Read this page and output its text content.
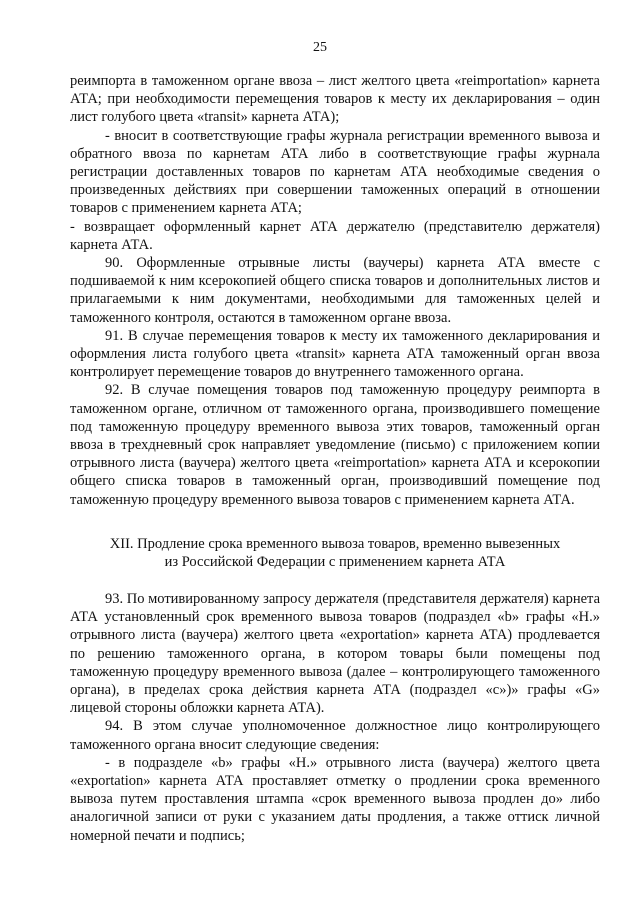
25

реимпорта в таможенном органе ввоза – лист желтого цвета «reimportation» карнета АТА; при необходимости перемещения товаров к месту их декларирования – один лист голубого цвета «transit» карнета АТА);

- вносит в соответствующие графы журнала регистрации временного вывоза и обратного ввоза по карнетам АТА либо в соответствующие графы журнала регистрации доставленных товаров по карнетам АТА необходимые сведения о произведенных действиях при совершении таможенных операций в отношении товаров с применением карнета АТА;

- возвращает оформленный карнет АТА держателю (представителю держателя) карнета АТА.

90. Оформленные отрывные листы (ваучеры) карнета АТА вместе с подшиваемой к ним ксерокопией общего списка товаров и дополнительных листов и прилагаемыми к ним документами, необходимыми для таможенных целей и таможенного контроля, остаются в таможенном органе ввоза.

91. В случае перемещения товаров к месту их таможенного декларирования и оформления листа голубого цвета «transit» карнета АТА таможенный орган ввоза контролирует перемещение товаров до внутреннего таможенного органа.

92. В случае помещения товаров под таможенную процедуру реимпорта в таможенном органе, отличном от таможенного органа, производившего помещение под таможенную процедуру временного вывоза этих товаров, таможенный орган ввоза в трехдневный срок направляет уведомление (письмо) с приложением копии отрывного листа (ваучера) желтого цвета «reimportation» карнета АТА и ксерокопии общего списка товаров в таможенный орган, производивший помещение под таможенную процедуру временного вывоза товаров с применением карнета АТА.

XII. Продление срока временного вывоза товаров, временно вывезенных

из Российской Федерации с применением карнета АТА

93. По мотивированному запросу держателя (представителя держателя) карнета АТА установленный срок временного вывоза товаров (подраздел «b» графы «H.» отрывного листа (ваучера) желтого цвета «exportation» карнета АТА) продлевается по решению таможенного органа, в котором товары были помещены под таможенную процедуру временного вывоза (далее – контролирующего таможенного органа), в пределах срока действия карнета АТА (подраздел «c»)» графы «G» лицевой стороны обложки карнета АТА).

94. В этом случае уполномоченное должностное лицо контролирующего таможенного органа вносит следующие сведения:

- в подразделе «b» графы «H.» отрывного листа (ваучера) желтого цвета «exportation» карнета АТА проставляет отметку о продлении срока временного вывоза путем проставления штампа «срок временного вывоза продлен до» либо аналогичной записи от руки с указанием даты продления, а также оттиск личной номерной печати и подпись;
